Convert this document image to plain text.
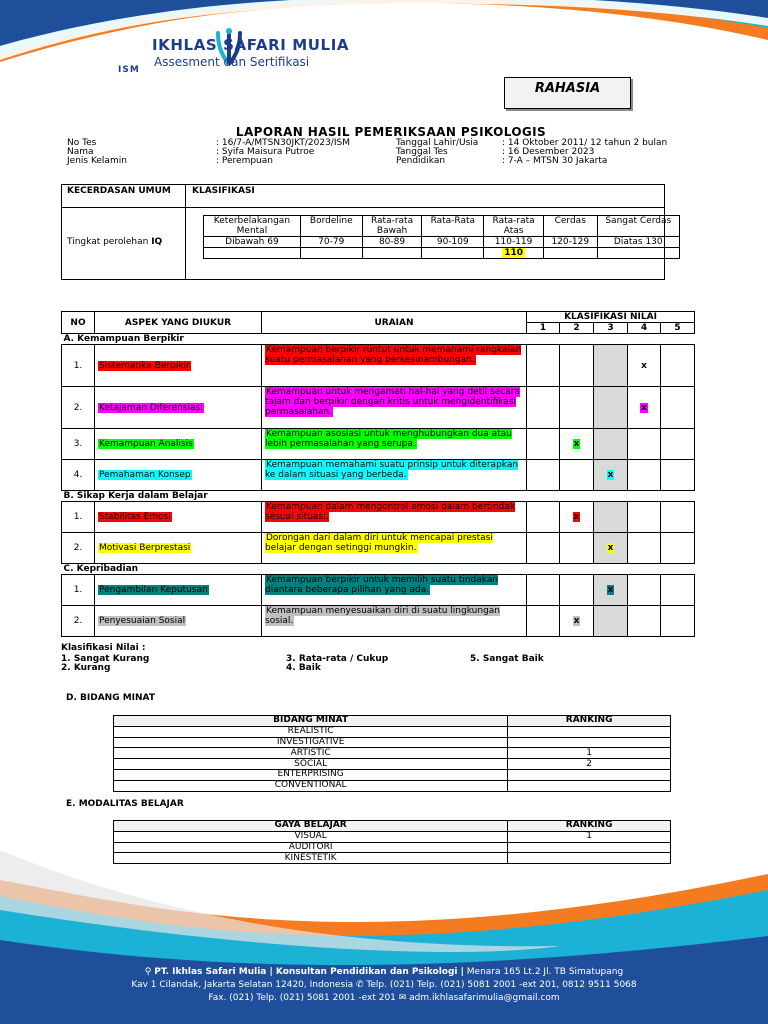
IKHLAS SAFARI MULIA
Assesment dan Sertifikasi
ISM
RAHASIA
LAPORAN HASIL PEMERIKSAAN PSIKOLOGIS
No Tes	: 16/7-A/MTSN30JKT/2023/ISM
Nama	: Syifa Maisura Putroe
Jenis Kelamin	: Perempuan
Tanggal Lahir/Usia	: 14 Oktober 2011/ 12 tahun 2 bulan
Tanggal Tes	: 16 Desember 2023
Pendidikan	: 7-A – MTSN 30 Jakarta
KECERDASAN UMUM	KLASIFIKASI
Tingkat perolehan IQ
Keterbelakangan Mental	Bordeline	Rata-rata Bawah	Rata-Rata	Rata-rata Atas	Cerdas	Sangat Cerdas
Dibawah 69	70-79	80-89	90-109	110-119	120-129	Diatas 130
				110		
NO	ASPEK YANG DIUKUR	URAIAN	KLASIFIKASI NILAI				
			1	2	3	4	5

A. Kemampuan Berpikir							
1.	Sistematika Berpikir	Kemampuan berpikir runtut untuk memahami rangkaian suatu permasalahan yang berkesinambungan.				x	
2.	Ketajaman Diferensiasi	Kemampuan untuk mengamati hal-hal yang detil secara tajam dan berpikir dengan kritis untuk mengidentifikasi permasalahan.				x	
3.	Kemampuan Analisis	Kemampuan asosiasi untuk menghubungkan dua atau lebih permasalahan yang serupa.		x			
4.	Pemahaman Konsep	Kemampuan memahami suatu prinsip untuk diterapkan ke dalam situasi yang berbeda.			x		
B. Sikap Kerja dalam Belajar							
1.	Stabilitas Emosi	Kemampuan dalam mengontrol emosi dalam bertindak sesuai situasi.		x			
2.	Motivasi Berprestasi	Dorongan dari dalam diri untuk mencapai prestasi belajar dengan setinggi mungkin.			x		
C. Kepribadian							
1.	Pengambilan Keputusan	Kemampuan berpikir untuk memilih suatu tindakan diantara beberapa pilihan yang ada.			x		
2.	Penyesuaian Sosial	Kemampuan menyesuaikan diri di suatu lingkungan sosial.		x			
Klasifikasi Nilai :
1. Sangat Kurang
2. Kurang
3. Rata-rata / Cukup
4. Baik
5. Sangat Baik
D. BIDANG MINAT
BIDANG MINAT	RANKING
REALISTIC	
INVESTIGATIVE	
ARTISTIC	1
SOCIAL	2
ENTERPRISING	
CONVENTIONAL	
E. MODALITAS BELAJAR
GAYA BELAJAR	RANKING
VISUAL	1
AUDITORI	
KINESTETIK	
⚲ PT. Ikhlas Safari Mulia | Konsultan Pendidikan dan Psikologi | Menara 165 Lt.2 Jl. TB Simatupang
Kav 1 Cilandak, Jakarta Selatan 12420, Indonesia ✆ Telp. (021) Telp. (021) 5081 2001 -ext 201, 0812 9511 5068
Fax. (021) Telp. (021) 5081 2001 -ext 201 ✉ adm.ikhlasafarimulia@gmail.com
